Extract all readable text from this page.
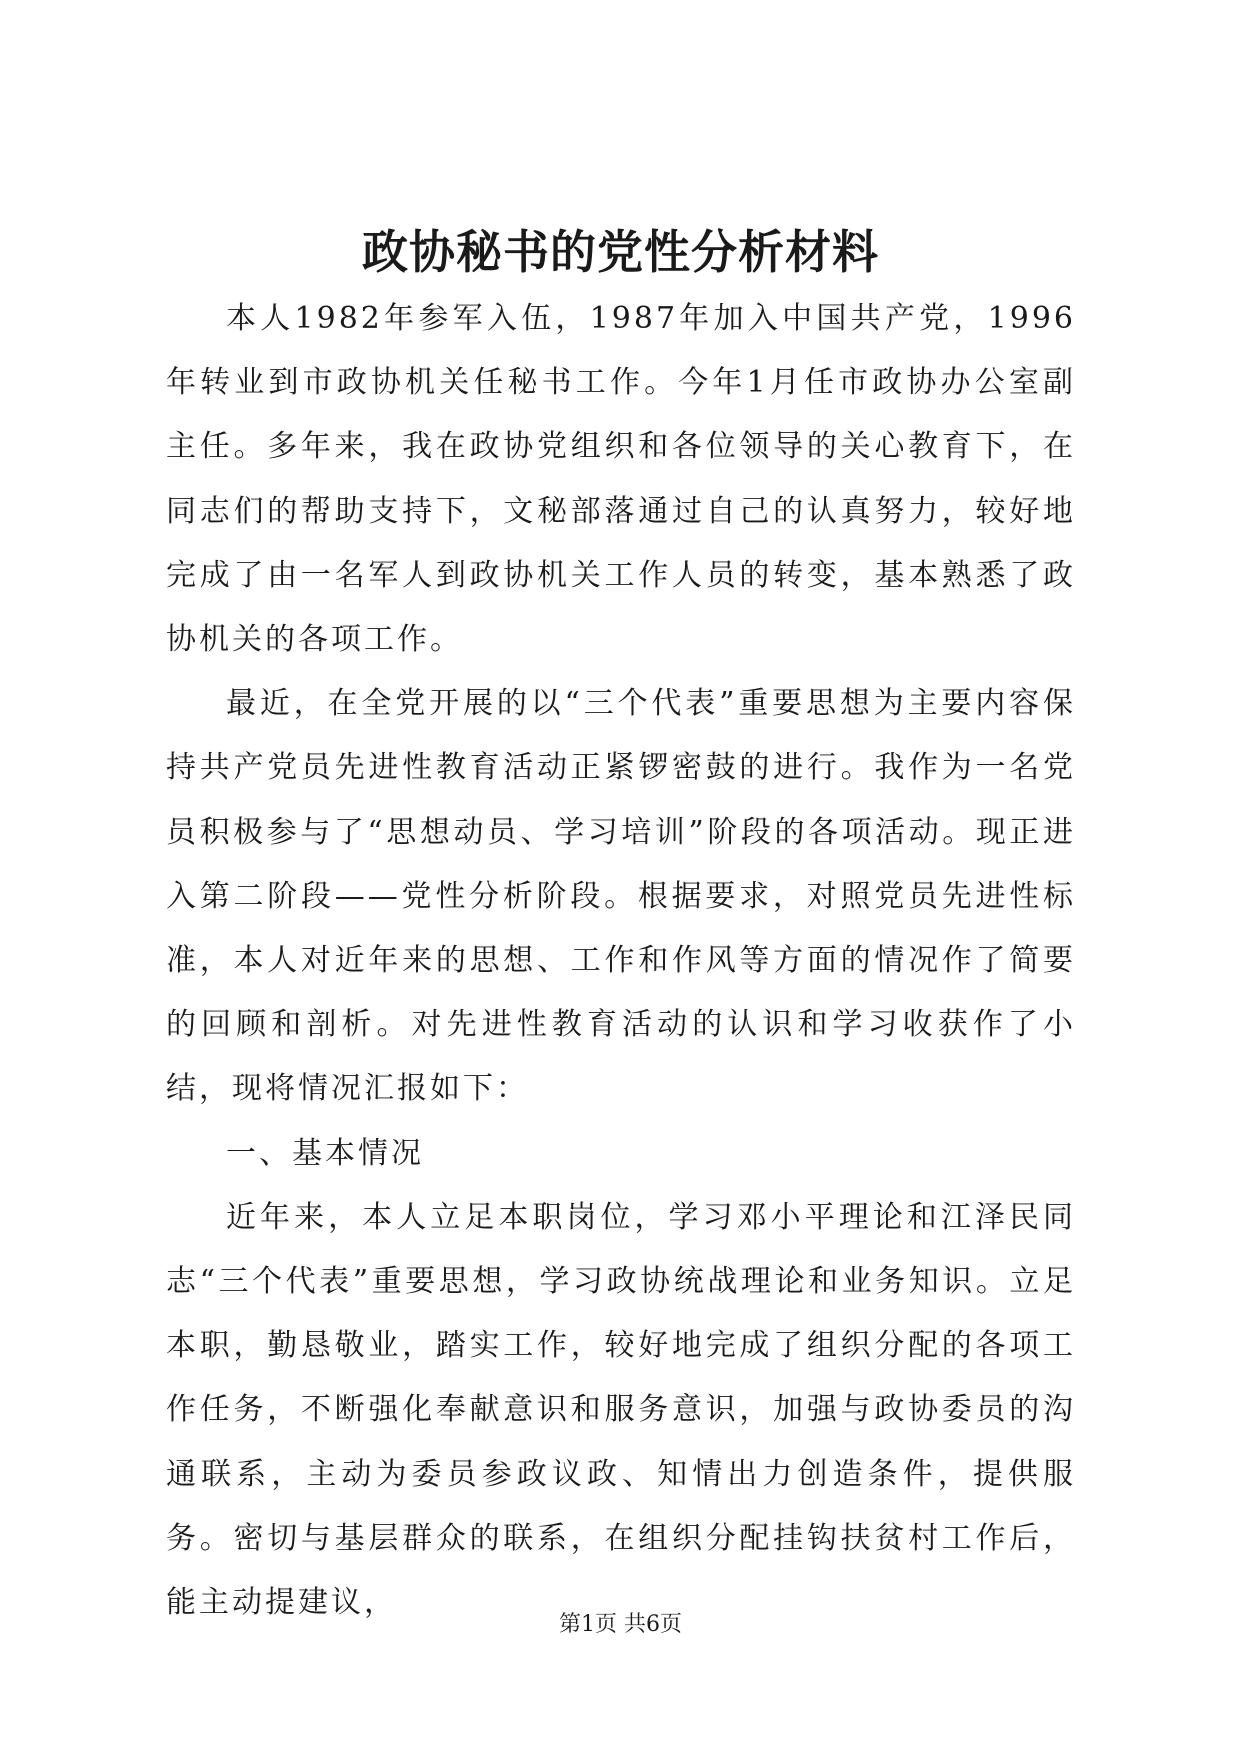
政协秘书的党性分析材料

本人1982年参军入伍，1987年加入中国共产党，1996年转业到市政协机关任秘书工作。今年1月任市政协办公室副主任。多年来，我在政协党组织和各位领导的关心教育下，在同志们的帮助支持下，文秘部落通过自己的认真努力，较好地完成了由一名军人到政协机关工作人员的转变，基本熟悉了政协机关的各项工作。

最近，在全党开展的以“三个代表”重要思想为主要内容保持共产党员先进性教育活动正紧锣密鼓的进行。我作为一名党员积极参与了“思想动员、学习培训”阶段的各项活动。现正进入第二阶段——党性分析阶段。根据要求，对照党员先进性标准，本人对近年来的思想、工作和作风等方面的情况作了简要的回顾和剖析。对先进性教育活动的认识和学习收获作了小结，现将情况汇报如下：

一、基本情况

近年来，本人立足本职岗位，学习邓小平理论和江泽民同志“三个代表”重要思想，学习政协统战理论和业务知识。立足本职，勤恳敬业，踏实工作，较好地完成了组织分配的各项工作任务，不断强化奉献意识和服务意识，加强与政协委员的沟通联系，主动为委员参政议政、知情出力创造条件，提供服务。密切与基层群众的联系，在组织分配挂钩扶贫村工作后，能主动提建议，

第1页 共6页
